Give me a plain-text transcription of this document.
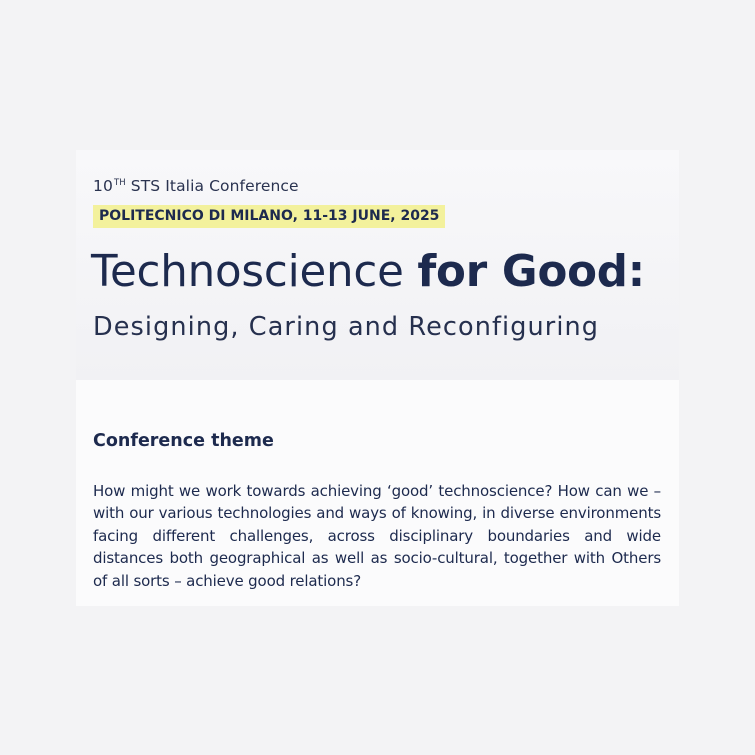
10TH STS Italia Conference
POLITECNICO DI MILANO, 11-13 JUNE, 2025
Technoscience for Good:
Designing, Caring and Reconfiguring
Conference theme
How might we work towards achieving ‘good’ technoscience? How can we – with our various technologies and ways of knowing, in diverse environments facing different challenges, across disciplinary boundaries and wide distances both geographical as well as socio-cultural, together with Others of all sorts – achieve good relations?
